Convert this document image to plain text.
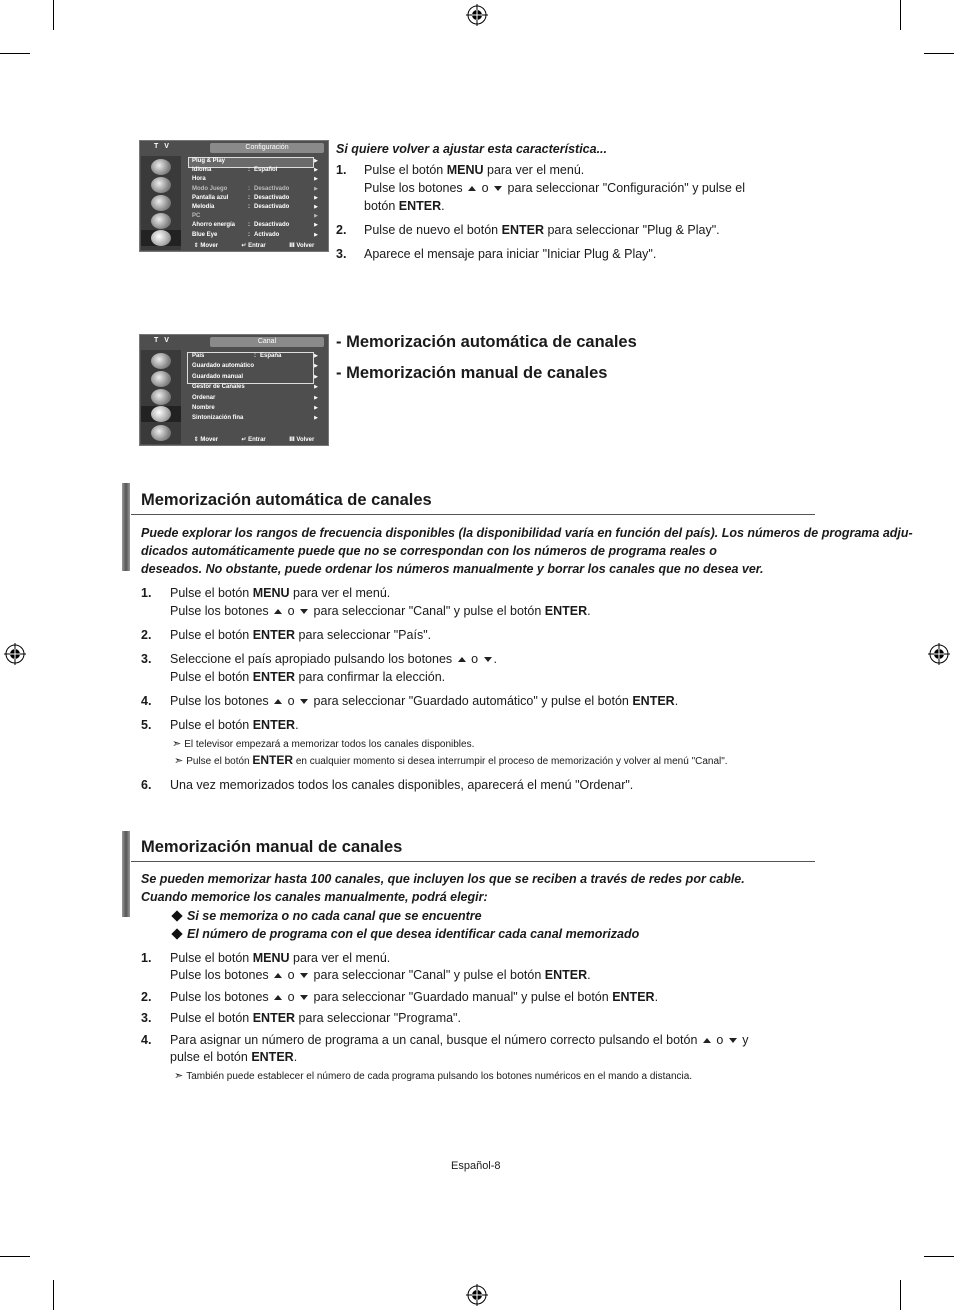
T V	Configuración
Plug & Play	▶
Idioma	: Español	▶
Hora	▶
Modo Juego	: Desactivado	▶
Pantalla azul	: Desactivado	▶
Melodía	: Desactivado	▶
PC	▶
Ahorro energía : Desactivado	▶
Blue Eye	: Activado	▶
⇕ Mover	↵ Entrar	Ⅲ Volver
Si quiere volver a ajustar esta característica...
1. Pulse el botón MENU para ver el menú.
Pulse los botones  o  para seleccionar "Configuración" y pulse el
botón ENTER.
2. Pulse de nuevo el botón ENTER para seleccionar "Plug & Play".
3. Aparece el mensaje para iniciar "Iniciar Plug & Play".
T V	Canal
País	: España	▶
Guardado automático	▶
Guardado manual	▶
Gestor de Canales	▶
Ordenar	▶
Nombre	▶
Sintonización fina	▶
⇕ Mover	↵ Entrar	Ⅲ Volver
- Memorización automática de canales
- Memorización manual de canales
Memorización automática de canales
Puede explorar los rangos de frecuencia disponibles (la disponibilidad varía en función del país). Los números de programa adju-
dicados automáticamente puede que no se correspondan con los números de programa reales o
deseados. No obstante, puede ordenar los números manualmente y borrar los canales que no desea ver.
1. Pulse el botón MENU para ver el menú.
Pulse los botones  o  para seleccionar "Canal" y pulse el botón ENTER.
2. Pulse el botón ENTER para seleccionar "País".
3. Seleccione el país apropiado pulsando los botones  o .
Pulse el botón ENTER para confirmar la elección.
4. Pulse los botones  o  para seleccionar "Guardado automático" y pulse el botón ENTER.
5. Pulse el botón ENTER.
➣ El televisor empezará a memorizar todos los canales disponibles.
➣ Pulse el botón ENTER en cualquier momento si desea interrumpir el proceso de memorización y volver al menú "Canal".
6. Una vez memorizados todos los canales disponibles, aparecerá el menú "Ordenar".
Memorización manual de canales
Se pueden memorizar hasta 100 canales, que incluyen los que se reciben a través de redes por cable.
Cuando memorice los canales manualmente, podrá elegir:
Si se memoriza o no cada canal que se encuentre
El número de programa con el que desea identificar cada canal memorizado
1. Pulse el botón MENU para ver el menú.
Pulse los botones  o  para seleccionar "Canal" y pulse el botón ENTER.
2. Pulse los botones  o  para seleccionar "Guardado manual" y pulse el botón ENTER.
3. Pulse el botón ENTER para seleccionar "Programa".
4. Para asignar un número de programa a un canal, busque el número correcto pulsando el botón  o  y
pulse el botón ENTER.
➣ También puede establecer el número de cada programa pulsando los botones numéricos en el mando a distancia.
Español-8
